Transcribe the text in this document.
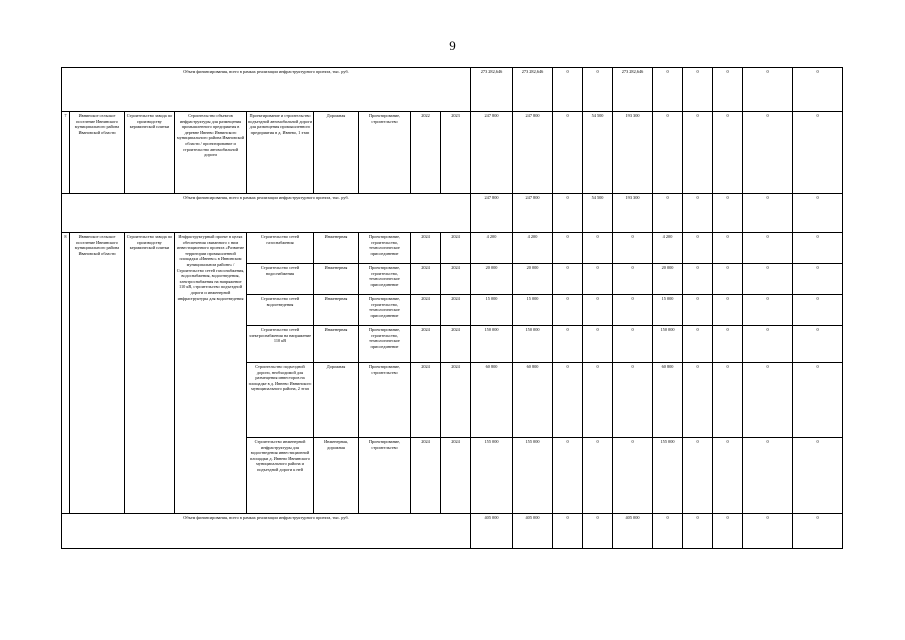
9
Объем финансирования, всего в рамках реализации инфраструктурного проекта, тыс. руб.									273 282,646	273 282,646	0	0	273 282,646	0	0	0	0	0
7	Ивнинское сельское поселение Ивнинского муниципального района Ивановской области	Строительство завода по производству керамической плитки	Строительство объектов инфраструктуры для размещения промышленного предприятия в деревне Ивнево Ивнинского муниципального района Ивановской области / проектирование и строительство автомобильной дороги	Проектирование и строительство подъездной автомобильной дороги для размещения промышленного предприятия в д. Ивнево, 1 этап	Дорожная	Проектирование, строительство	2022	2023	247 800	247 800	0	54 500	193 300	0	0	0	0	0
Объем финансирования, всего в рамках реализации инфраструктурного проекта, тыс. руб.									247 800	247 800	0	54 500	193 300	0	0	0	0	0
8	Ивнинское сельское поселение Ивнинского муниципального района Ивановской области	Строительство завода по производству керамической плитки	Инфраструктурный проект в целях обеспечения связанного с ним инвестиционного проекта «Развитие территории промышленной площадки «Ивнево» в Ивнинском муниципальном районе» / Строительство сетей газоснабжения, водоснабжения, водоотведения, электроснабжения на напряжение 110 кВ, строительство подъездной дороги и инженерной инфраструктуры для водоотведения	Строительство сетей газоснабжения	Инженерная	Проектирование, строительство, технологическое присоединение	2024	2024	4 200	4 200	0	0	0	4 200	0	0	0	0
				Строительство сетей водоснабжения	Инженерная	Проектирование, строительство, технологическое присоединение	2024	2024	20 000	20 000	0	0	0	20 000	0	0	0	0
				Строительство сетей водоотведения	Инженерная	Проектирование, строительство, технологическое присоединение	2024	2024	15 000	15 000	0	0	0	15 000	0	0	0	0
				Строительство сетей электроснабжения на напряжение 110 кВ	Инженерная	Проектирование, строительство, технологическое присоединение	2024	2024	150 000	150 000	0	0	0	150 000	0	0	0	0
				Строительство подъездной дороги, необходимой для размещения инвесторов на площадке в д. Ивнево Ивнинского муниципального района, 2 этап	Дорожная	Проектирование, строительство	2024	2024	60 800	60 800	0	0	0	60 800	0	0	0	0
				Строительство инженерной инфраструктуры для водоотведения инвестиционной площадки д. Ивнево Ивнинского муниципального района и подъездной дороги к ней	Инженерная, дорожная	Проектирование, строительство	2024	2024	155 000	155 000	0	0	0	155 000	0	0	0	0
Объем финансирования, всего в рамках реализации инфраструктурного проекта, тыс. руб.									405 000	405 000	0	0	405 000	0	0	0	0	0
